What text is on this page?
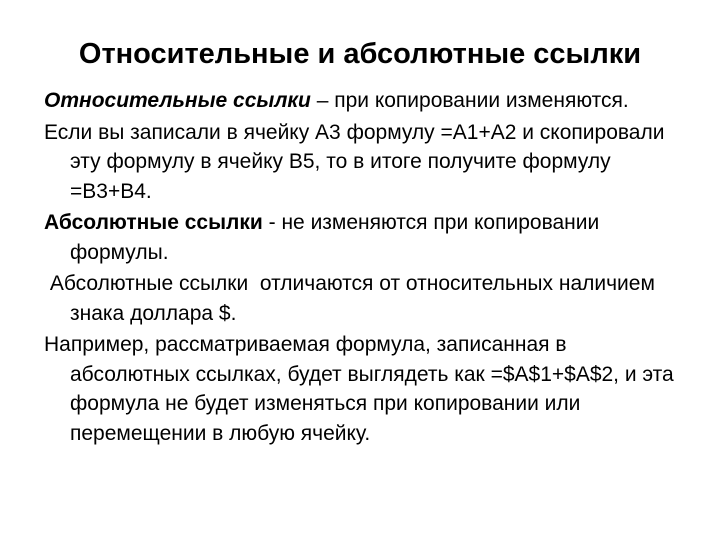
Относительные и абсолютные ссылки

Относительные ссылки – при копировании изменяются.

Если вы записали в ячейку А3 формулу =А1+А2 и скопировали эту формулу в ячейку В5, то в итоге получите формулу =В3+В4.

Абсолютные ссылки - не изменяются при копировании формулы.

Абсолютные ссылки  отличаются от относительных наличием знака доллара $.

Например, рассматриваемая формула, записанная в абсолютных ссылках, будет выглядеть как =$A$1+$A$2, и эта формула не будет изменяться при копировании или перемещении в любую ячейку.
